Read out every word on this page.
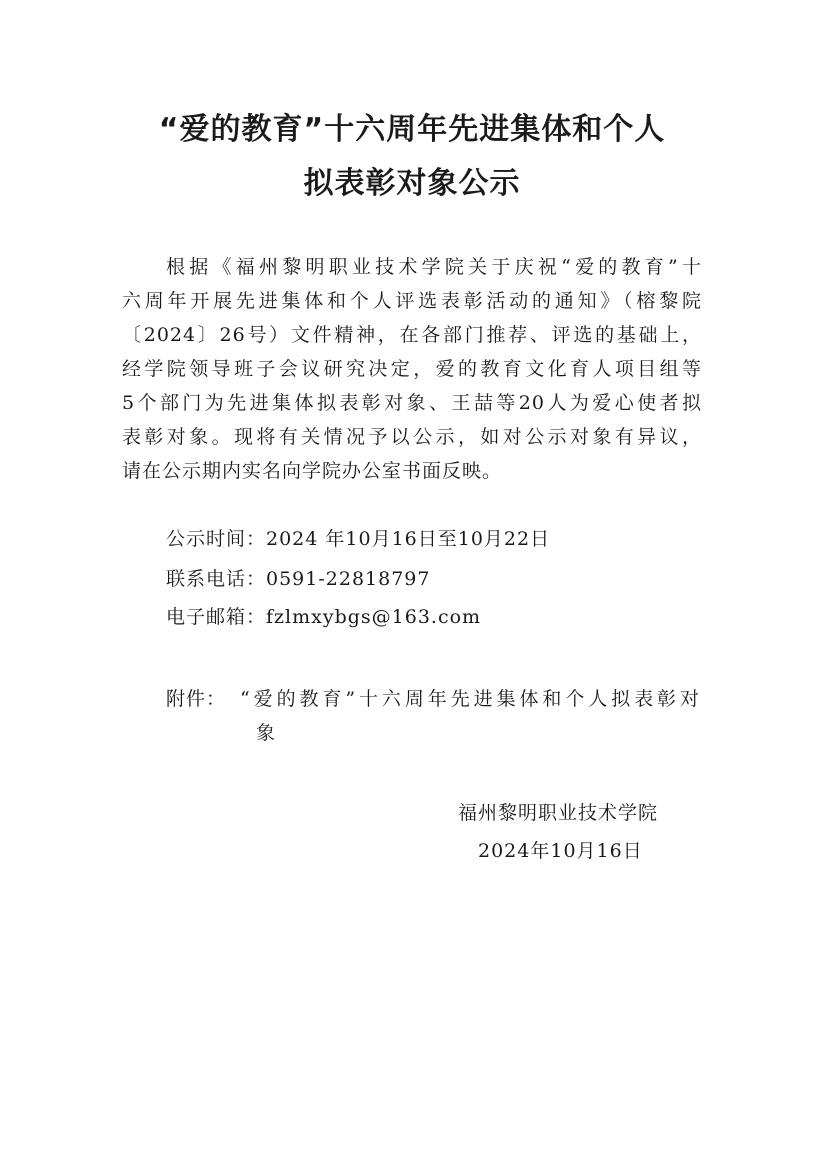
“爱的教育”十六周年先进集体和个人
拟表彰对象公示
根据《福州黎明职业技术学院关于庆祝“爱的教育”十
六周年开展先进集体和个人评选表彰活动的通知》（榕黎院
〔2024〕26号）文件精神，在各部门推荐、评选的基础上，
经学院领导班子会议研究决定，爱的教育文化育人项目组等
5个部门为先进集体拟表彰对象、王喆等20人为爱心使者拟
表彰对象。现将有关情况予以公示，如对公示对象有异议，
请在公示期内实名向学院办公室书面反映。
公示时间：2024 年10月16日至10月22日
联系电话：0591-22818797
电子邮箱：fzlmxybgs@163.com
附件： “爱的教育”十六周年先进集体和个人拟表彰对
象
福州黎明职业技术学院
2024年10月16日
